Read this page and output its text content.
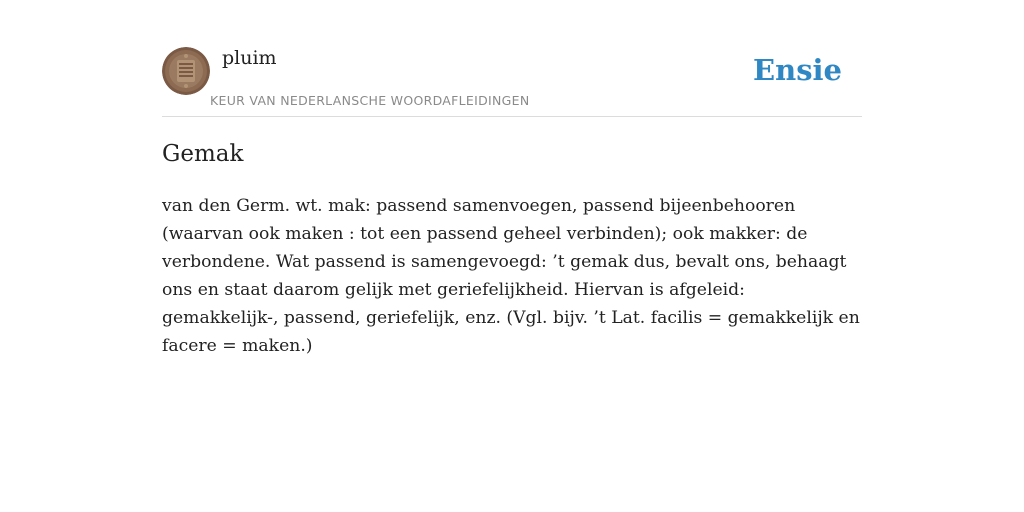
pluim
KEUR VAN NEDERLANSCHE WOORDAFLEIDINGEN
Ensie
Gemak

van den Germ. wt. mak: passend samenvoegen, passend bijeenbehooren (waarvan ook maken : tot een passend geheel verbinden); ook makker: de verbondene. Wat passend is samengevoegd: ’t gemak dus, bevalt ons, behaagt ons en staat daarom gelijk met geriefelijkheid. Hiervan is afgeleid: gemakkelijk-, passend, geriefelijk, enz. (Vgl. bijv. ’t Lat. facilis = gemakkelijk en facere = maken.)
